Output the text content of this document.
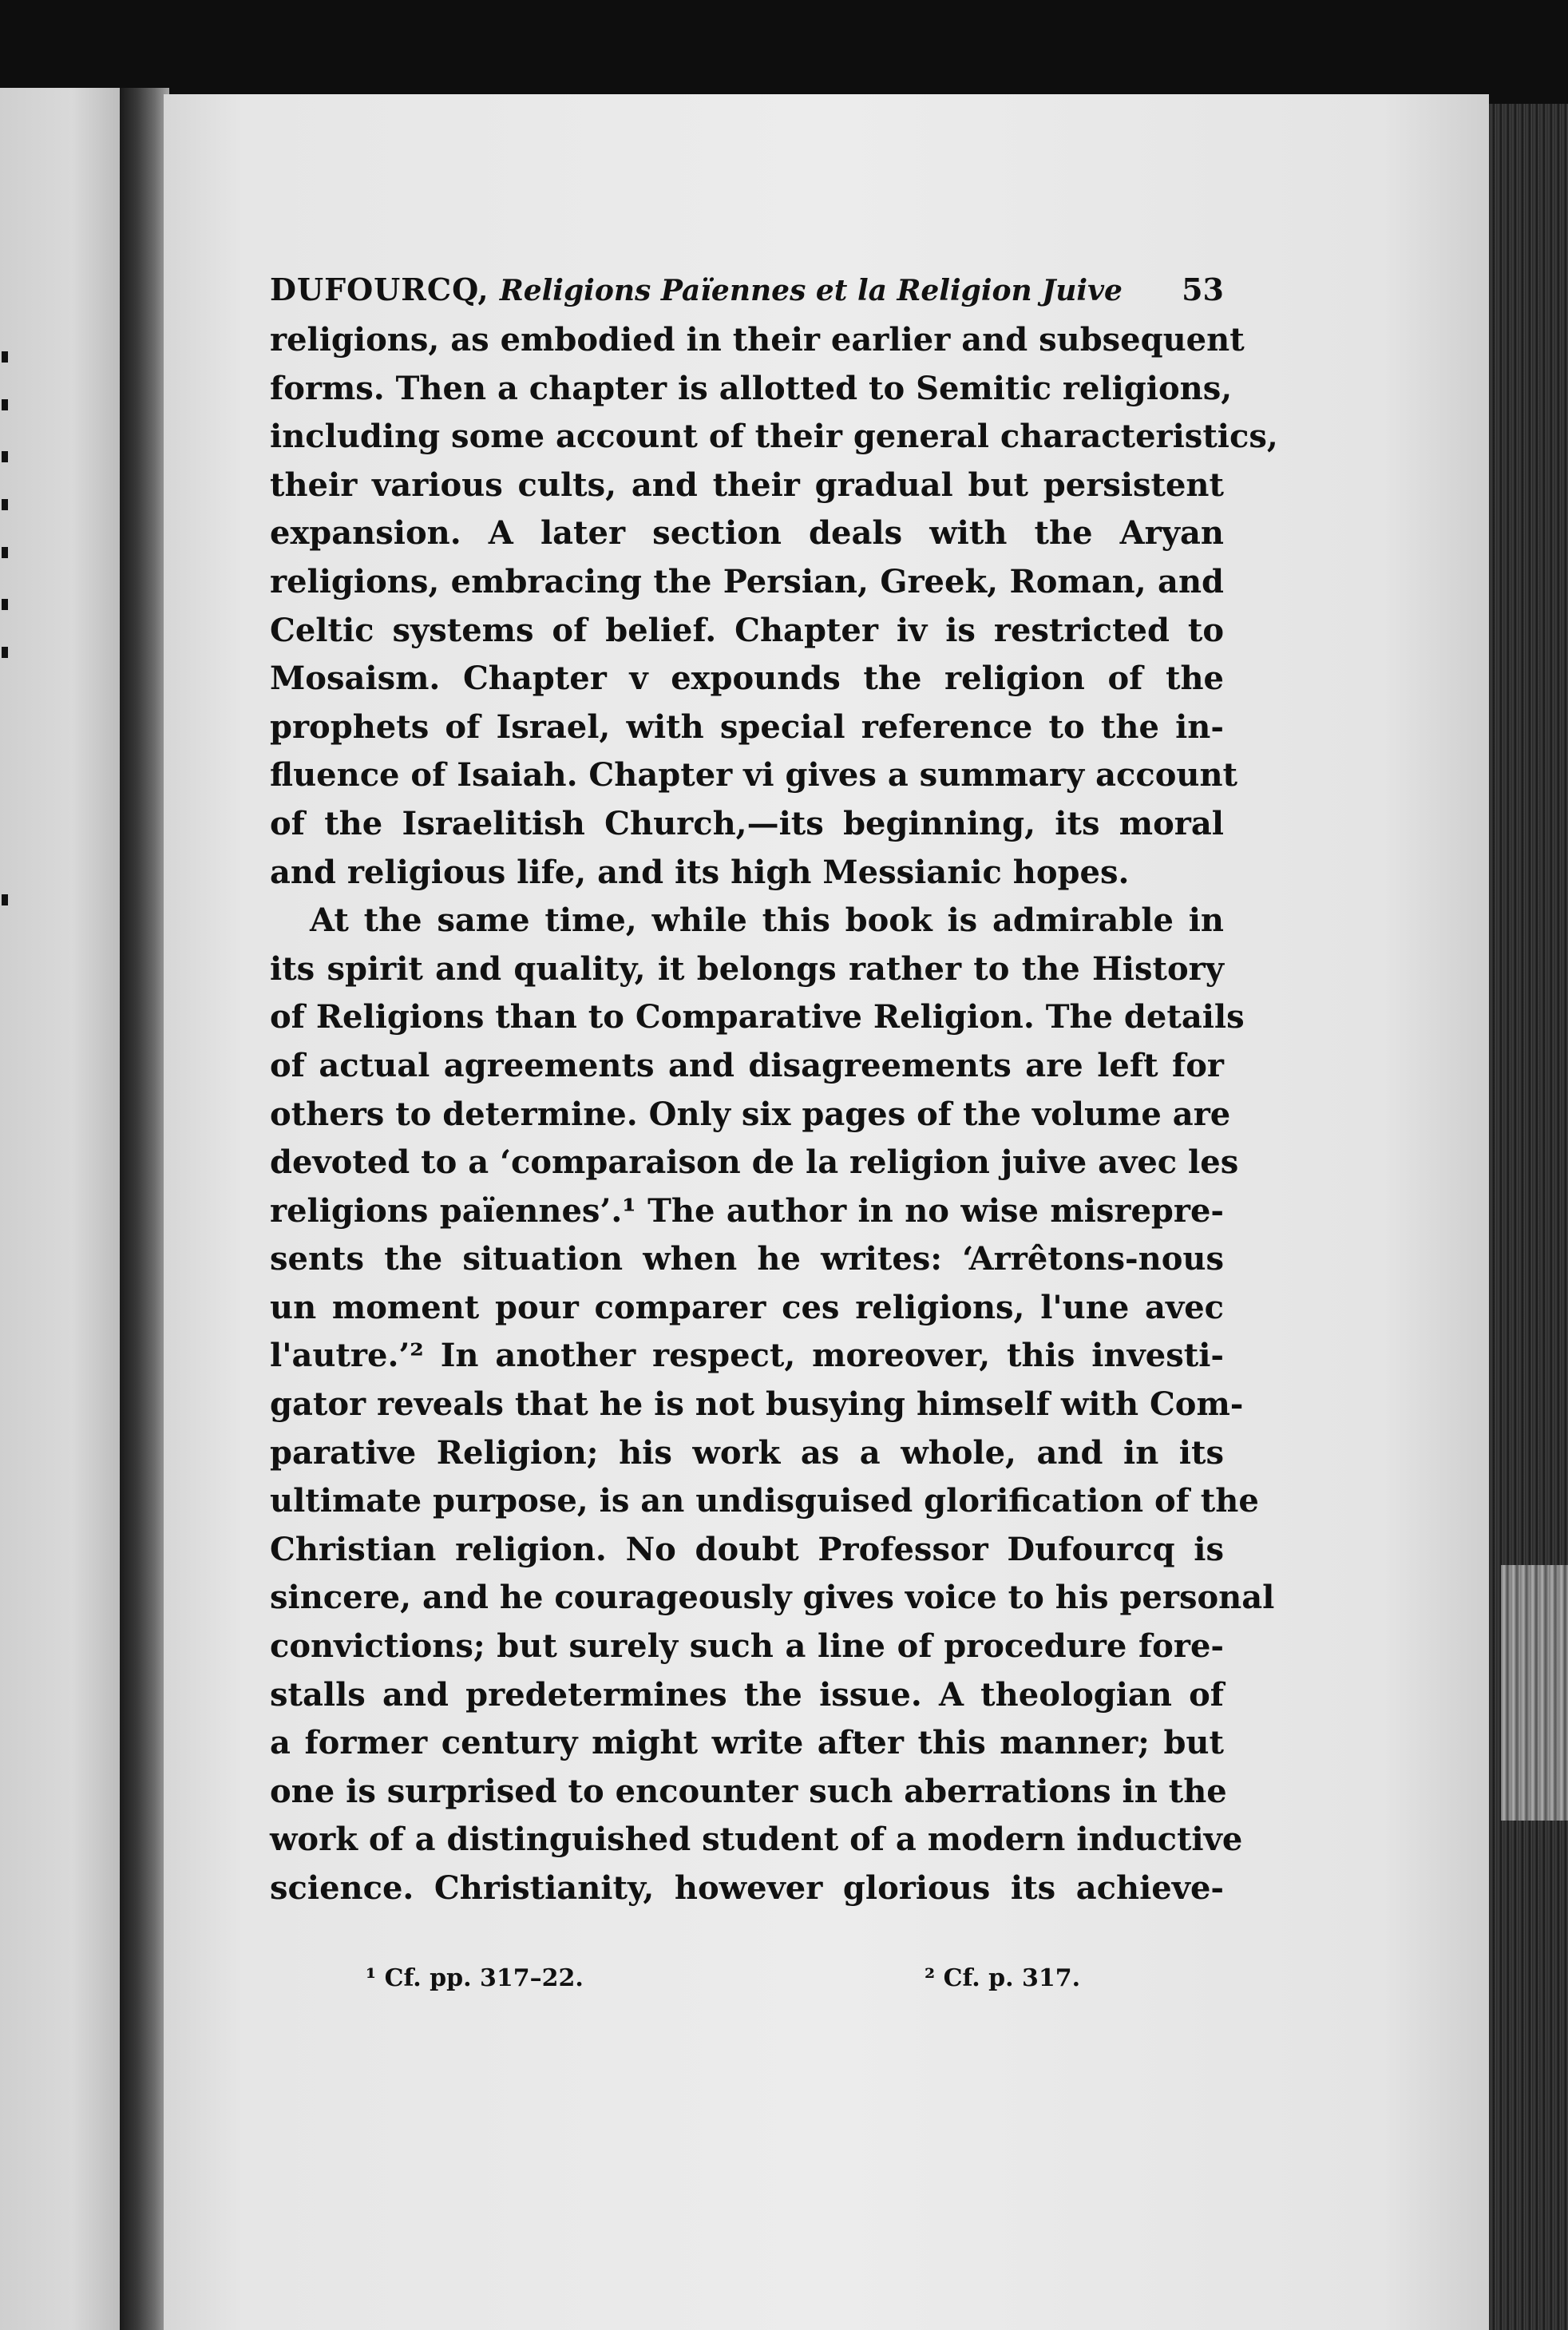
DUFOURCQ, Religions Païennes et la Religion Juive 53
religions, as embodied in their earlier and subsequent
forms. Then a chapter is allotted to Semitic religions,
including some account of their general characteristics,
their various cults, and their gradual but persistent
expansion. A later section deals with the Aryan
religions, embracing the Persian, Greek, Roman, and
Celtic systems of belief. Chapter iv is restricted to
Mosaism. Chapter v expounds the religion of the
prophets of Israel, with special reference to the in-
fluence of Isaiah. Chapter vi gives a summary account
of the Israelitish Church,—its beginning, its moral
and religious life, and its high Messianic hopes.
At the same time, while this book is admirable in
its spirit and quality, it belongs rather to the History
of Religions than to Comparative Religion. The details
of actual agreements and disagreements are left for
others to determine. Only six pages of the volume are
devoted to a ‘comparaison de la religion juive avec les
religions païennes’.¹ The author in no wise misrepre-
sents the situation when he writes: ‘Arrêtons-nous
un moment pour comparer ces religions, l'une avec
l'autre.’² In another respect, moreover, this investi-
gator reveals that he is not busying himself with Com-
parative Religion; his work as a whole, and in its
ultimate purpose, is an undisguised glorification of the
Christian religion. No doubt Professor Dufourcq is
sincere, and he courageously gives voice to his personal
convictions; but surely such a line of procedure fore-
stalls and predetermines the issue. A theologian of
a former century might write after this manner; but
one is surprised to encounter such aberrations in the
work of a distinguished student of a modern inductive
science. Christianity, however glorious its achieve-
¹ Cf. pp. 317–22.	² Cf. p. 317.
